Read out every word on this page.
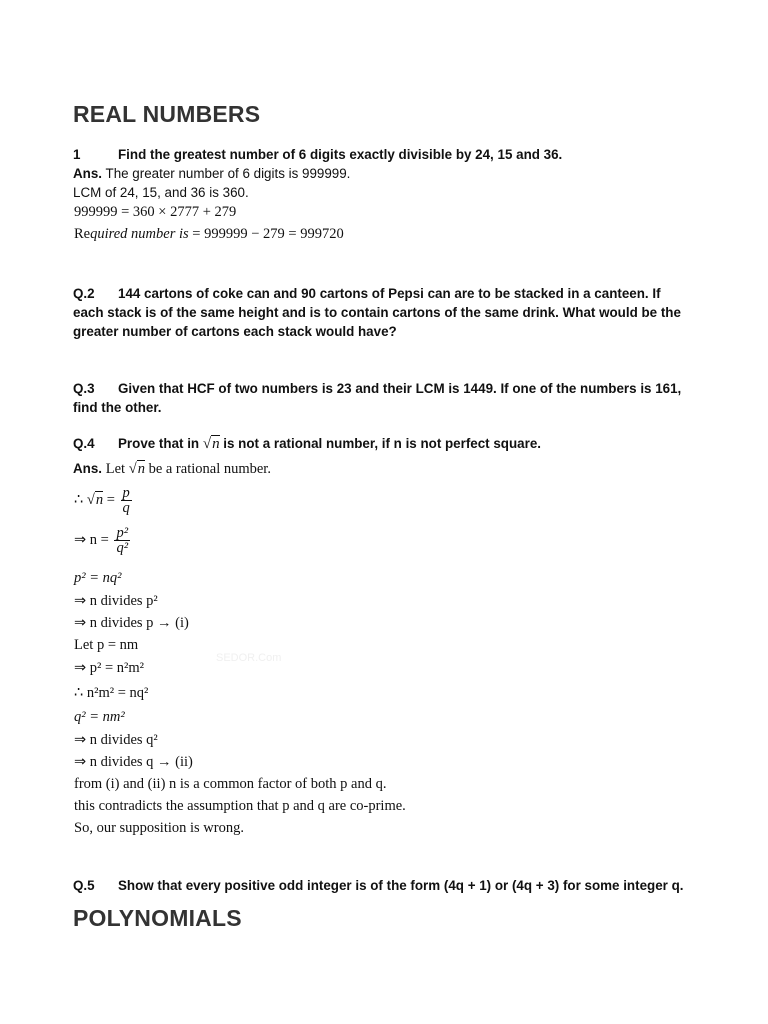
REAL NUMBERS
1	Find the greatest number of 6 digits exactly divisible by 24, 15 and 36.
Ans. The greater number of 6 digits is 999999.
LCM of 24, 15, and 36 is 360.
999999 = 360 × 2777 + 279
Required number is = 999999 − 279 = 999720
Q.2 144 cartons of coke can and 90 cartons of Pepsi can are to be stacked in a canteen. If each stack is of the same height and is to contain cartons of the same drink. What would be the greater number of cartons each stack would have?
Q.3 Given that HCF of two numbers is 23 and their LCM is 1449. If one of the numbers is 161, find the other.
Q.4 Prove that in √n is not a rational number, if n is not perfect square.
Ans. Let √n be a rational number.
∴ $√n = \frac{p}{q}$
⇒ $n = \frac{\text{p²}}{\text{q²}}$
p² = nq²
⇒ n divides p²
⇒ n divides p → (i)
Let p = nm
SEDOR.Com
⇒ p² = n²m²
∴ n²m² = nq²
q² = nm²
⇒ n divides q²
⇒ n divides q → (ii)
from (i) and (ii) n is a common factor of both p and q.
this contradicts the assumption that p and q are co-prime.
So, our supposition is wrong.
Q.5 Show that every positive odd integer is of the form (4q + 1) or (4q + 3) for some integer q.
POLYNOMIALS
